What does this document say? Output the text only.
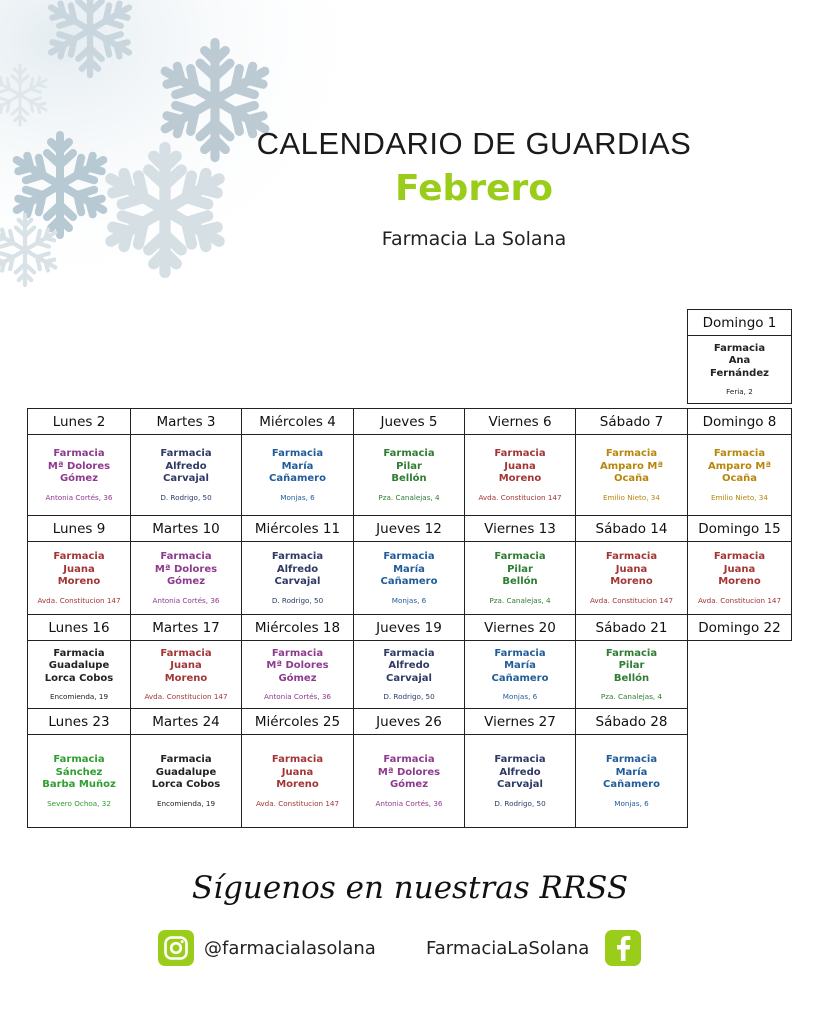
CALENDARIO DE GUARDIAS
Febrero
Farmacia La Solana
Domingo 1
Farmacia
Ana
Fernández
Feria, 2
Lunes 2
Farmacia
Mª Dolores
Gómez
Antonia Cortés, 36
Martes 3
Farmacia
Alfredo
Carvajal
D. Rodrigo, 50
Miércoles 4
Farmacia
María
Cañamero
Monjas, 6
Jueves 5
Farmacia
Pilar
Bellón
Pza. Canalejas, 4
Viernes 6
Farmacia
Juana
Moreno
Avda. Constitucion 147
Sábado 7
Farmacia
Amparo Mª
Ocaña
Emilio Nieto, 34
Domingo 8
Farmacia
Amparo Mª
Ocaña
Emilio Nieto, 34
Lunes 9
Farmacia
Juana
Moreno
Avda. Constitucion 147
Martes 10
Farmacia
Mª Dolores
Gómez
Antonia Cortés, 36
Miércoles 11
Farmacia
Alfredo
Carvajal
D. Rodrigo, 50
Jueves 12
Farmacia
María
Cañamero
Monjas, 6
Viernes 13
Farmacia
Pilar
Bellón
Pza. Canalejas, 4
Sábado 14
Farmacia
Juana
Moreno
Avda. Constitucion 147
Domingo 15
Farmacia
Juana
Moreno
Avda. Constitucion 147
Lunes 16
Farmacia
Guadalupe
Lorca Cobos
Encomienda, 19
Martes 17
Farmacia
Juana
Moreno
Avda. Constitucion 147
Miércoles 18
Farmacia
Mª Dolores
Gómez
Antonia Cortés, 36
Jueves 19
Farmacia
Alfredo
Carvajal
D. Rodrigo, 50
Viernes 20
Farmacia
María
Cañamero
Monjas, 6
Sábado 21
Farmacia
Pilar
Bellón
Pza. Canalejas, 4
Domingo 22
Lunes 23
Farmacia
Sánchez
Barba Muñoz
Severo Ochoa, 32
Martes 24
Farmacia
Guadalupe
Lorca Cobos
Encomienda, 19
Miércoles 25
Farmacia
Juana
Moreno
Avda. Constitucion 147
Jueves 26
Farmacia
Mª Dolores
Gómez
Antonia Cortés, 36
Viernes 27
Farmacia
Alfredo
Carvajal
D. Rodrigo, 50
Sábado 28
Farmacia
María
Cañamero
Monjas, 6
Síguenos en nuestras RRSS
@farmacialasolana	FarmaciaLaSolana
